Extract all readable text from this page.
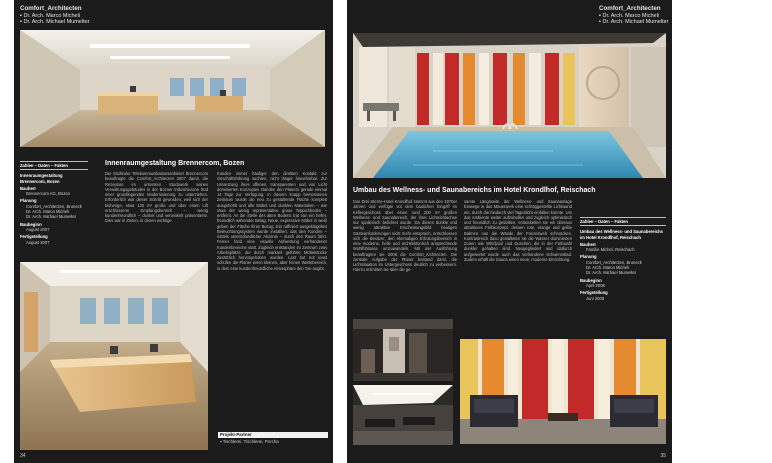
Comfort_Architecten
▪ Dr. Arch. Marco Micheli
▪ Dr. Arch. Michael Mumelter
Zahlen – Daten – Fakten
Innenraumgestaltung Brennercom, Bozen
Bauherr
Brennercom AG, Bozen
Planung
Comfort_Architecten, Bruneck
Dr. Arch. Marco Micheli
Dr. Arch. Michael Mumelter
Baubeginn
August 2007
Fertigstellung
August 2007
Innenraumgestaltung Brennercom, Bozen
Der Südtiroler Telekommunikationsanbieter Brennercom beauftragte die Comfort_Architecten 2007 damit, die Rezeption im untersten Stockwerk seines Verwaltungsgebäudes in der Bozner Industriezone Süd einer grundlegenden Modernisierung zu unterziehen. Erforderlich war dieser Schritt geworden, weil sich der bisherige, etwa 120 m² große und über einen Lift erschlossene Empfangsbereich – wenig kundenfreundlich – dunkel und verwinkelt präsentierte. Dies war in Zeiten, in denen wichtige
Kunden immer häufiger den direkten Kontakt zur Geschäftsführung suchten, nicht länger hinnehmbar. Zur Umsetzung ihres offenen, transparenten und von Licht dominierten Konzeptes standen den Planern gerade einmal 14 Tage zur Verfügung. In diesem knapp bemessenen Zeitraum wurde die neu zu gestaltende Fläche komplett ausgehöhlt und alle Möbel und dunklen Materialien – wie etwa der wenig repräsentative graue Teppichboden – entfernt. An die Stelle des alten Bodens trat nun ein heller, freundlich wirkender Belag. Neue, expressive Möbel in weiß geben der Fläche ihren Bezug. Ein raffiniert ausgeklügeltes Beleuchtungssystem wurde installiert, das den Kunden – mittels unterschiedlicher Akzente – durch den Raum führt. Ferner fand eine visuelle Aufwertung vorhandener Kundenbereiche statt. Zugleich entstanden im Zentrum zwei Arbeitsplätze, die durch markant geführte Möbelstücke zusätzlich hervorgehoben wurden. Last but not least schufen die Planer einen kleinen, aber feinen Wartebereich, in dem eine kundenfreundliche Atmosphäre den Ton angibt.
Projekt-Partner
▪ Tischlerei, Tischlerei, Porcha
34
Comfort_Architecten
▪ Dr. Arch. Marco Micheli
▪ Dr. Arch. Michael Mumelter
Umbau des Wellness- und Saunabereichs im Hotel Krondlhof, Reischach
Das Drei-Sterne-Hotel Krondlhof stammt aus den 1970er Jahren und verfügte vor dem baulichen Eingriff im Kellergeschoss über einen rund 200 m² großen Wellness- und Saunabereich, der ihrer Lichtsichtachse nur spalierisch belichtet wurde. Da dieses dunkle und wenig attraktive Erscheinungsbild heutigen Gästeanforderungen nicht mehr entsprach, entschlossen sich die Besitzer, den ehemaligen Erholungsbereich in eine moderne, helle und architektonisch ansprechende Wohlfühloase umzuwandeln. Mit der Ausführung beauftragten sie 2008 die Comfort_Architecten. Die zentrale Aufgabe der Planer bestand darin, die Lichtsituation im Untergeschoss deutlich zu verbessern. Hierzu schnitten sie über die ge-
samte Längsseite der Wellness- und Saunaanlage Einwege in das Mauerwerk eine schräggestellte Lichtwand ein, durch die hindurch viel Tageslicht einfallen konnte. Um das Ambiente weiter aufzuhellen und zugleich optimistisch und freundlich zu gestalten, entwickelten sie ein überaus attraktives Farbkonzept, dessen rote, orange und gelbe Bahnen nun die Wände der Freizeitwelt schmücken. Kontrastreich dazu gestalteten sie die Wasser dominierten Zonen wie Whirlpool und Duschen, die in der Farbwahl dunkler gehalten sind. Neugegliedert und dadurch aufgewertet wurde auch das vorhandene Schwimmbad. Zudem erhält die Sauna einen neue, moderne Einrichtung.
Zahlen – Daten – Fakten
Umbau des Wellness- und Saunabereichs im Hotel Krondlhof, Reischach
Bauherr
Familie Michel, Reischach
Planung
Comfort_Architecten, Bruneck
Dr. Arch. Marco Micheli
Dr. Arch. Michael Mumelter
Baubeginn
April 2008
Fertigstellung
Juni 2008
35
